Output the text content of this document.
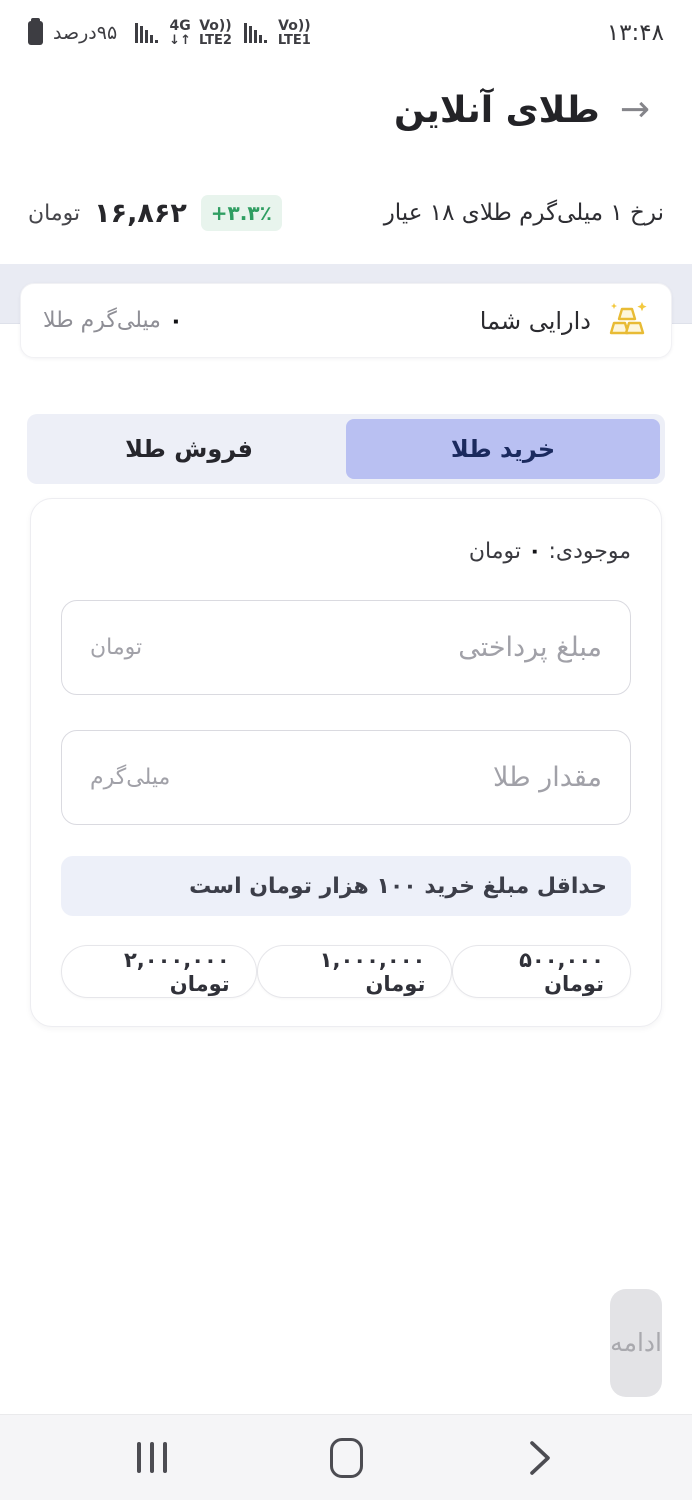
۹۵درصد	4G
↓↑
Vo))
LTE2
Vo))
LTE1	۱۳:۴۸
→
طلای آنلاین
نرخ ۱ میلی‌گرم طلای ۱۸ عیار
+۳.۳٪
۱۶,۸۶۲
تومان
دارایی شما
۰
میلی‌گرم طلا
خرید طلا
فروش طلا
موجودی:
۰
تومان
مبلغ پرداختی
تومان
مقدار طلا
میلی‌گرم
حداقل مبلغ خرید ۱۰۰ هزار تومان است
۵۰۰,۰۰۰ تومان
۱,۰۰۰,۰۰۰ تومان
۲,۰۰۰,۰۰۰ تومان
ادامه
